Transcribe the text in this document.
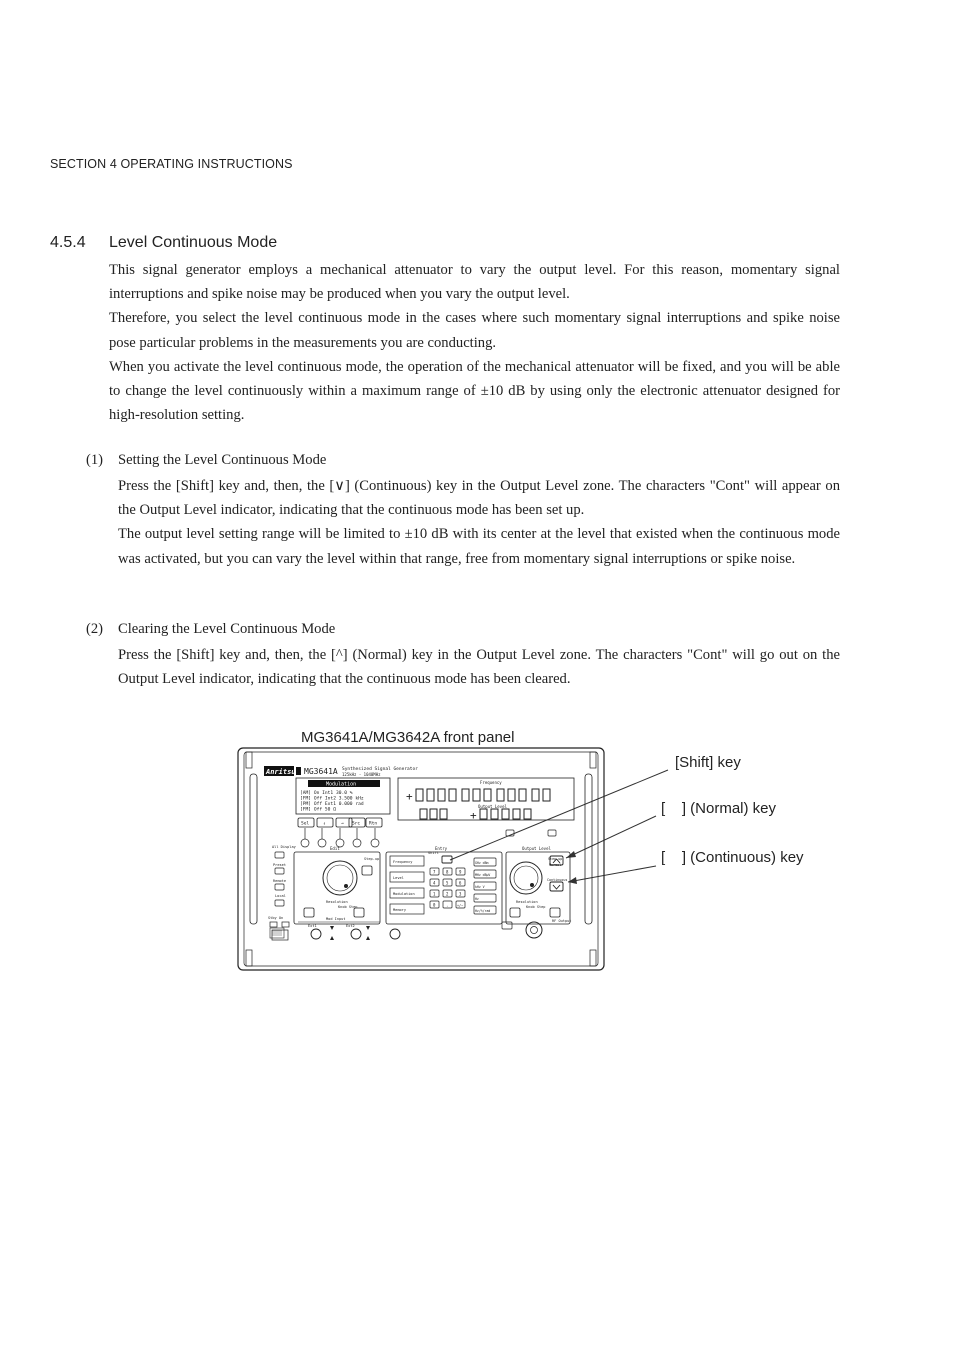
SECTION 4 OPERATING INSTRUCTIONS
4.5.4 Level Continuous Mode

This signal generator employs a mechanical attenuator to vary the output level. For this reason, momentary signal interruptions and spike noise may be produced when you vary the output level.

Therefore, you select the level continuous mode in the cases where such momentary signal interruptions and spike noise pose particular problems in the measurements you are conducting.

When you activate the level continuous mode, the operation of the mechanical attenuator will be fixed, and you will be able to change the level continuously within a maximum range of ±10 dB by using only the electronic attenuator designed for high-resolution setting.

(1) Setting the Level Continuous Mode

Press the [Shift] key and, then, the [∨] (Continuous) key in the Output Level zone. The characters "Cont" will appear on the Output Level indicator, indicating that the continuous mode has been set up.

The output level setting range will be limited to ±10 dB with its center at the level that existed when the continuous mode was activated, but you can vary the level within that range, free from momentary signal interruptions or spike noise.

(2) Clearing the Level Continuous Mode

Press the [Shift] key and, then, the [^] (Normal) key in the Output Level zone. The characters "Cont" will go out on the Output Level indicator, indicating that the continuous mode has been cleared.

MG3641A/MG3642A front panel
[Shift] key
[    ] (Normal) key
[    ] (Continuous) key
Anritsu MG3641A Synthesized Signal Generator
125kHz - 1040MHz
Modulation
[AM] On Int1 30.0 %
[FM] Off Int2 3.500 kHz
[PM] Off Ext1 0.000 rad
[FM] Off 50 Ω
Frequency
+
Output Level
+
Sel	↓	→ Src Rtn
All Display
Preset
Remote
Local
Stby On
Edit
Step-up
Resolution
Knob Step
Entry
Frequency
Level
Modulation
Memory
Shift
7	8	9
4	5	6
1	2	3
0	.	+/−
GHz dBm
MHz dBμV
kHz V
Hz
Hz/%/rad
Output Level
Step-up
Normal
Continuous
Resolution
Knob Step
Mod Input
Ext1	Ext2
RF Output
